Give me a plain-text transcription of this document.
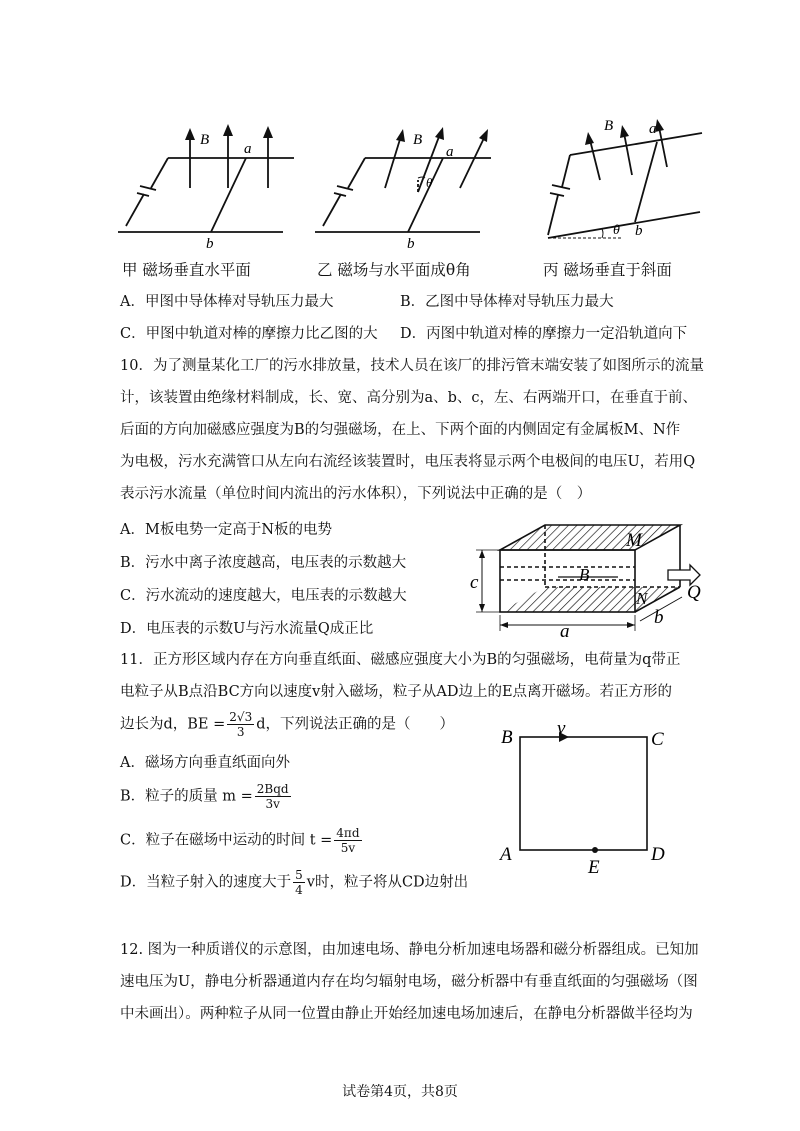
B
a
b
甲 磁场垂直水平面
B
a
θ
b
乙 磁场与水平面成θ角
B a
θ b
丙 磁场垂直于斜面
A．甲图中导体棒对导轨压力最大	B．乙图中导体棒对导轨压力最大
C．甲图中轨道对棒的摩擦力比乙图的大 D．丙图中轨道对棒的摩擦力一定沿轨道向下
10．为了测量某化工厂的污水排放量，技术人员在该厂的排污管末端安装了如图所示的流量
计，该装置由绝缘材料制成，长、宽、高分别为a、b、c，左、右两端开口，在垂直于前、
后面的方向加磁感应强度为B的匀强磁场，在上、下两个面的内侧固定有金属板M、N作
为电极，污水充满管口从左向右流经该装置时，电压表将显示两个电极间的电压U，若用Q
表示污水流量（单位时间内流出的污水体积），下列说法中正确的是（　）
A．M板电势一定高于N板的电势
B．污水中离子浓度越高，电压表的示数越大
C．污水流动的速度越大，电压表的示数越大
D．电压表的示数U与污水流量Q成正比
M
B
N Q
c
a
b
11．正方形区域内存在方向垂直纸面、磁感应强度大小为B的匀强磁场，电荷量为q带正
电粒子从B点沿BC方向以速度v射入磁场，粒子从AD边上的E点离开磁场。若正方形的
边长为d，BE = $\frac{2√3}{3}$ d，下列说法正确的是（　　）
A．磁场方向垂直纸面向外
B．粒子的质量 $m = \frac{\text{2Bqd}}{3v}$
C．粒子在磁场中运动的时间 $t = \frac{4\pi d}{5v}$
D．当粒子射入的速度大于 $\frac{5}{4}$ v时，粒子将从CD边射出
B v
C
A
E
D
12. 图为一种质谱仪的示意图，由加速电场、静电分析加速电场器和磁分析器组成。已知加
速电压为U，静电分析器通道内存在均匀辐射电场，磁分析器中有垂直纸面的匀强磁场（图
中未画出）。两种粒子从同一位置由静止开始经加速电场加速后，在静电分析器做半径均为
试卷第4页，共8页
